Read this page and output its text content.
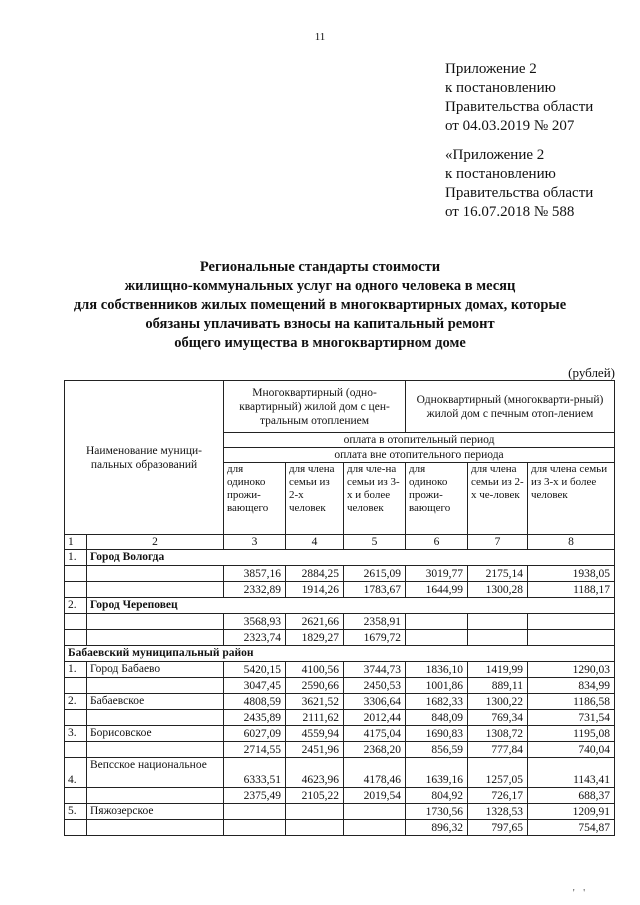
11
Приложение 2
к постановлению
Правительства области
от 04.03.2019 № 207
«Приложение 2
к постановлению
Правительства области
от 16.07.2018 № 588
Региональные стандарты стоимости
жилищно-коммунальных услуг на одного человека в месяц
для собственников жилых помещений в многоквартирных домах, которые
обязаны уплачивать взносы на капитальный ремонт
общего имущества в многоквартирном доме
(рублей)
Наименование муници-пальных образований		Многоквартирный (одно-квартирный) жилой дом с цен-тральным отоплением			Одноквартирный (многокварти-рный) жилой дом с печным отоп-лением		
		оплата в отопительный период					
		оплата вне отопительного периода					
		для одиноко прожи-вающего	для члена семьи из 2-х человек	для чле-на семьи из 3-х и более человек	для одиноко прожи-вающего	для члена семьи из 2-х че-ловек	для члена семьи из 3-х и более человек
1	2	3	4	5	6	7	8
1.	Город Вологда						
		3857,16	2884,25	2615,09	3019,77	2175,14	1938,05
		2332,89	1914,26	1783,67	1644,99	1300,28	1188,17
2.	Город Череповец						
		3568,93	2621,66	2358,91			
		2323,74	1829,27	1679,72			
Бабаевский муниципальный район							
1.	Город Бабаево	5420,15	4100,56	3744,73	1836,10	1419,99	1290,03
		3047,45	2590,66	2450,53	1001,86	889,11	834,99
2.	Бабаевское	4808,59	3621,52	3306,64	1682,33	1300,22	1186,58
		2435,89	2111,62	2012,44	848,09	769,34	731,54
3.	Борисовское	6027,09	4559,94	4175,04	1690,83	1308,72	1195,08
		2714,55	2451,96	2368,20	856,59	777,84	740,04
4.	Вепсское национальное	6333,51	4623,96	4178,46	1639,16	1257,05	1143,41
		2375,49	2105,22	2019,54	804,92	726,17	688,37
5.	Пяжозерское				1730,56	1328,53	1209,91
					896,32	797,65	754,87
' '
